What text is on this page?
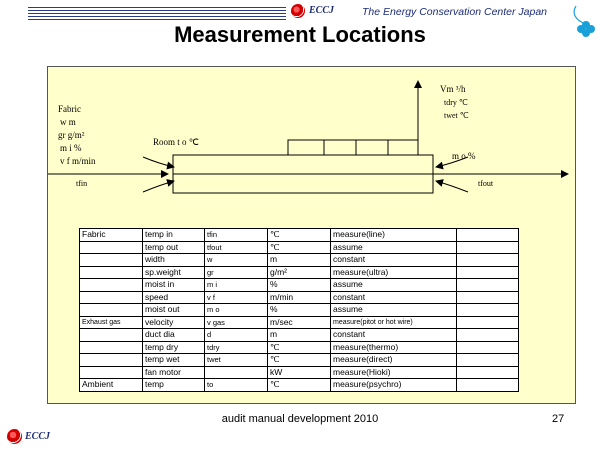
ECCJ	The Energy Conservation Center Japan
Measurement Locations
Fabric
w m
gr g/m²
m i %
v f m/min
Room t o ℃
Vm ³/h
tdry ℃
twet ℃
m o %
tfin	tfout
Fabric	temp in	tfin	℃	measure(line)	
	temp out	tfout	℃	assume	
	width	w	m	constant	
	sp.weight	gr	g/m²	measure(ultra)	
	moist in	m i	%	assume	
	speed	v f	m/min	constant	
	moist out	m o	%	assume	
Exhaust gas	velocity	v gas	m/sec	measure(pitot or hot wire)	
	duct dia	d	m	constant	
	temp dry	tdry	℃	measure(thermo)	
	temp wet	twet	℃	measure(direct)	
	fan motor		kW	measure(Hioki)	
Ambient	temp	to	℃	measure(psychro)	
audit manual development 2010	27
ECCJ
